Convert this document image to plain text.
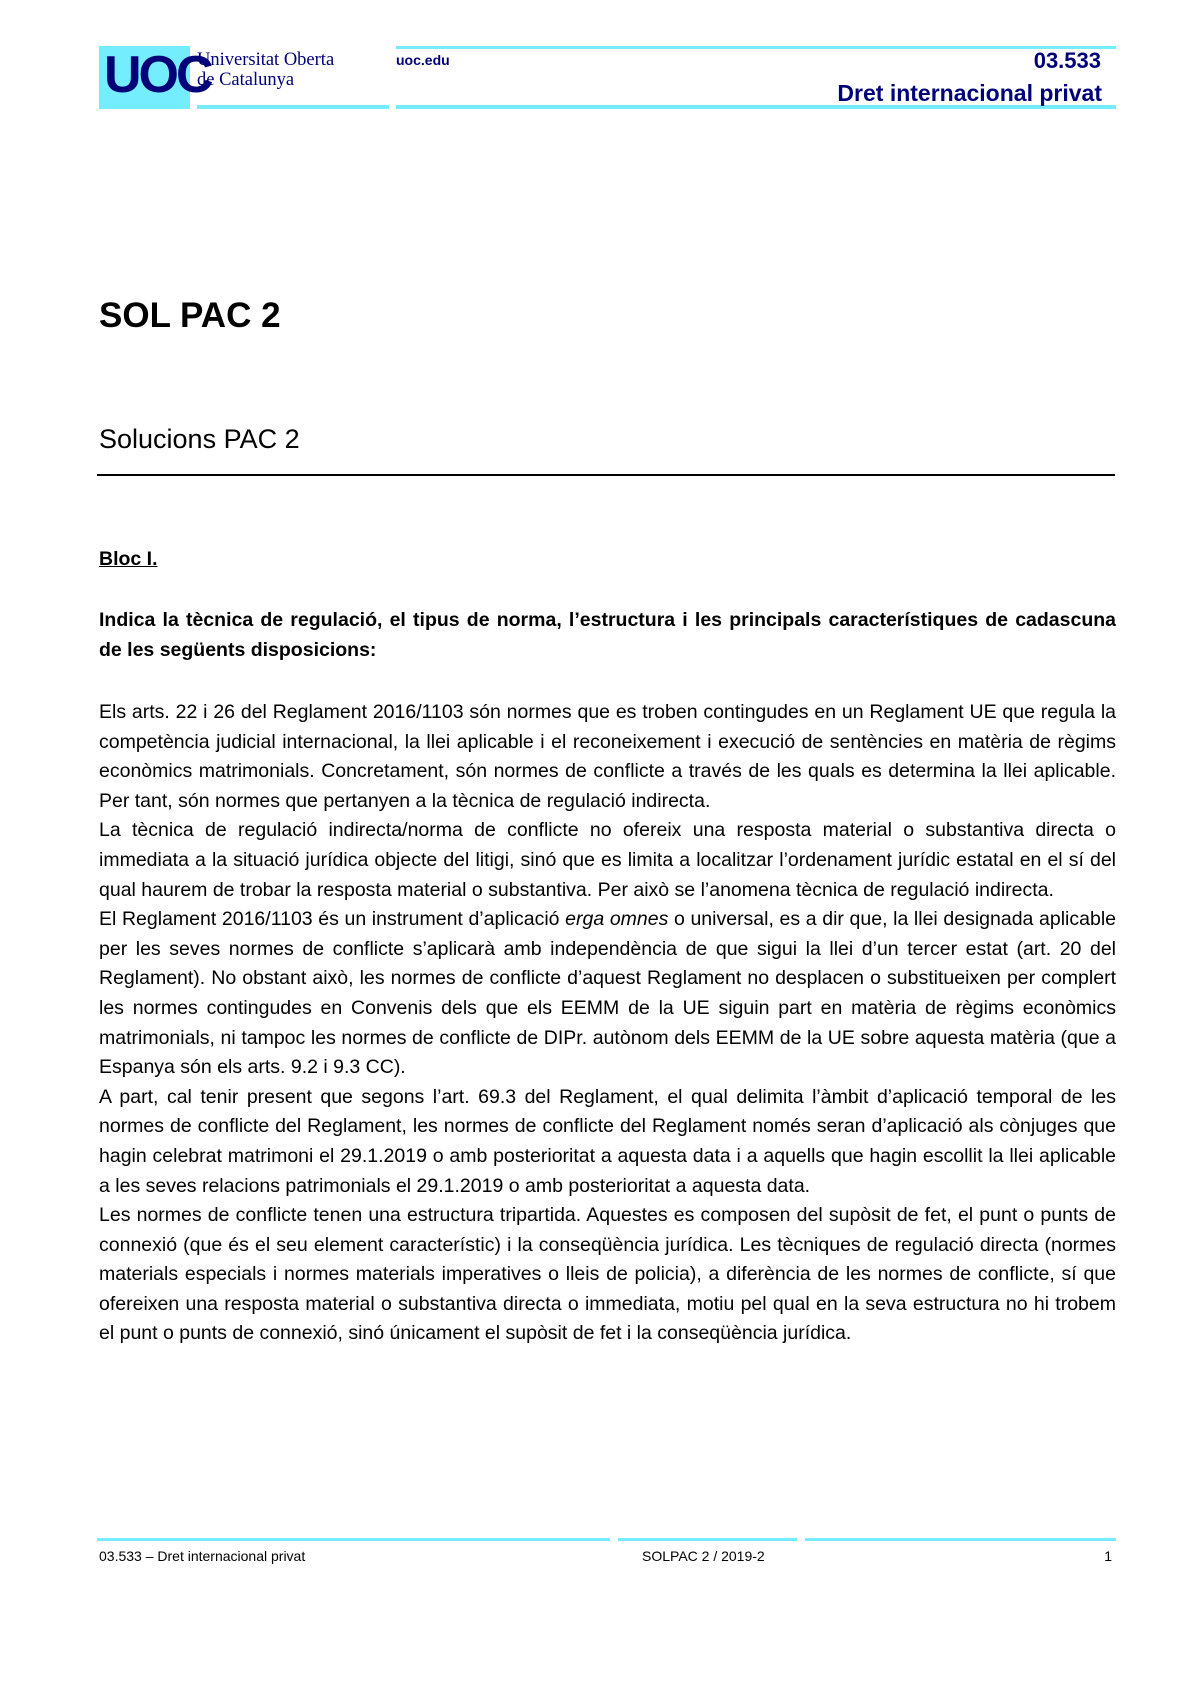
UOC
Universitat Oberta
de Catalunya
uoc.edu	03.533
Dret internacional privat
SOL PAC 2
Solucions PAC 2
Bloc I.

Indica la tècnica de regulació, el tipus de norma, l’estructura i les principals característiques de cadascuna de les següents disposicions:

Els arts. 22 i 26 del Reglament 2016/1103 són normes que es troben contingudes en un Reglament UE que regula la competència judicial internacional, la llei aplicable i el reconeixement i execució de sentències en matèria de règims econòmics matrimonials. Concretament, són normes de conflicte a través de les quals es determina la llei aplicable. Per tant, són normes que pertanyen a la tècnica de regulació indirecta.

La tècnica de regulació indirecta/norma de conflicte no ofereix una resposta material o substantiva directa o immediata a la situació jurídica objecte del litigi, sinó que es limita a localitzar l’ordenament jurídic estatal en el sí del qual haurem de trobar la resposta material o substantiva. Per això se l’anomena tècnica de regulació indirecta.

El Reglament 2016/1103 és un instrument d’aplicació erga omnes o universal, es a dir que, la llei designada aplicable per les seves normes de conflicte s’aplicarà amb independència de que sigui la llei d’un tercer estat (art. 20 del Reglament). No obstant això, les normes de conflicte d’aquest Reglament no desplacen o substitueixen per complert les normes contingudes en Convenis dels que els EEMM de la UE siguin part en matèria de règims econòmics matrimonials, ni tampoc les normes de conflicte de DIPr. autònom dels EEMM de la UE sobre aquesta matèria (que a Espanya són els arts. 9.2 i 9.3 CC).

A part, cal tenir present que segons l’art. 69.3 del Reglament, el qual delimita l’àmbit d’aplicació temporal de les normes de conflicte del Reglament, les normes de conflicte del Reglament només seran d’aplicació als cònjuges que hagin celebrat matrimoni el 29.1.2019 o amb posterioritat a aquesta data i a aquells que hagin escollit la llei aplicable a les seves relacions patrimonials el 29.1.2019 o amb posterioritat a aquesta data.

Les normes de conflicte tenen una estructura tripartida. Aquestes es composen del supòsit de fet, el punt o punts de connexió (que és el seu element característic) i la conseqüència jurídica. Les tècniques de regulació directa (normes materials especials i normes materials imperatives o lleis de policia), a diferència de les normes de conflicte, sí que ofereixen una resposta material o substantiva directa o immediata, motiu pel qual en la seva estructura no hi trobem el punt o punts de connexió, sinó únicament el supòsit de fet i la conseqüència jurídica.

03.533 – Dret internacional privat	SOLPAC 2 / 2019-2	1
